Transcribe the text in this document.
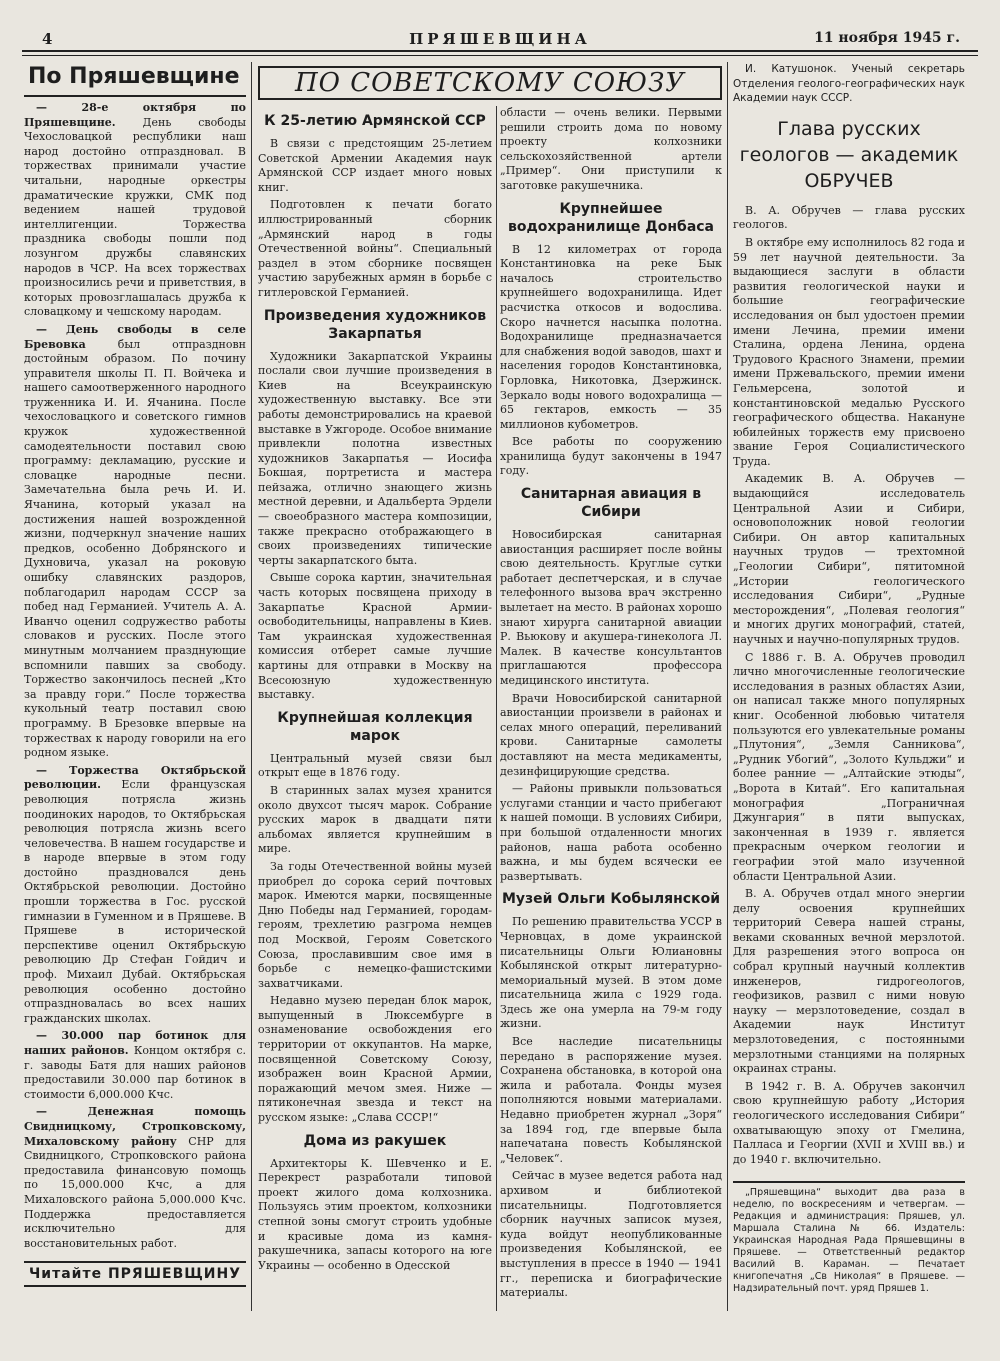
4	ПРЯШЕВЩИНА	11 ноября 1945 г.
По Пряшевщине

— 28-е октября по Пряшевщине. День свободы Чехословацкой республики наш народ достойно отпраздновал. В торжествах принимали участие читальни, народные оркестры драматические кружки, СМК под ведением нашей трудовой интеллигенции. Торжества праздника свободы пошли под лозунгом дружбы славянских народов в ЧСР. На всех торжествах произносились речи и приветствия, в которых провозглашалась дружба к словацкому и чешскому народам.

— День свободы в селе Бревовка	был отпраздновн достойным образом. По почину управителя школы П. П. Войчека и нашего самоотверженного народного труженника И. И. Ячанина. После чехословацкого и советского гимнов кружок художественной самодеятельности поставил свою программу: декламацию, русские и словацке народные песни. Замечательна была речь И. И. Ячанина, который указал на достижения нашей возрожденной жизни, подчеркнул значение наших предков, особенно Добрянского и Духновича, указал на роковую ошибку славянских раздоров, поблагодарил народам СССР за побед над Германией. Учитель А. А. Иванчо оценил содружество работы словаков и русских. После этого минутным молчанием празднующие вспомнили павших за свободу. Торжество закончилось песней „Кто за правду гори.“ После торжества кукольный театр поставил свою программу. В Брезовке впервые на торжествах к народу говорили на его родном языке.

— Торжества Октябрьской революции. Если французская революция потрясла жизнь поодиноких народов, то Октябрьская революция потрясла жизнь всего человечества. В нашем государстве и в народе впервые в этом году достойно праздновался день Октябрьской революции. Достойно прошли торжества в Гос. русской гимназии в Гуменном и в Пряшеве. В Пряшеве в исторической перспективе оценил Октябрьскую революцию Др Стефан Гойдич и проф. Михаил Дубай. Октябрьская революция особенно достойно отпраздновалась во всех наших гражданских школах.

— 30.000 пар ботинок для наших районов. Концом октября с. г. заводы Батя для наших районов предоставили 30.000 пар ботинок в стоимости 6,000.000 Кчс.

— Денежная помощь Свидницкому, Стропковскому, Михаловскому району СНР для Свидницкого, Стропковского района предоставила финансовую помощь по 15,000.000 Кчс, а для Михаловского района 5,000.000 Кчс. Поддержка предоставляется исключительно для восстановительных работ.

Читайте ПРЯШЕВЩИНУ
ПО СОВЕТСКОМУ СОЮЗУ
К 25-летию Армянской ССР

В связи с предстоящим 25-летием Советской Армении Академия наук Армянской ССР издает много новых книг.

Подготовлен к печати богато иллюстрированный сборник „Армянский народ в годы Отечественной войны“. Специальный раздел в этом сборнике посвящен участию зарубежных армян в борьбе с гитлеровской Германией.

Произведения художников Закарпатья

Художники Закарпатской Украины послали свои лучшие произведения в Киев на Всеукраинскую художественную выставку. Все эти работы демонстрировались на краевой выставке в Ужгороде. Особое внимание привлекли полотна известных художников Закарпатья — Иосифа Бокшая, портретиста и мастера пейзажа, отлично знающего жизнь местной деревни, и Адальберта Эрдели — своеобразного мастера композиции, также прекрасно отображающего в своих произведениях типические черты закарпатского быта.

Свыше сорока картин, значительная часть которых посвящена приходу в Закарпатье Красной Армии-освободительницы, направлены в Киев. Там украинская художественная комиссия отберет самые лучшие картины для отправки в Москву на Всесоюзную художественную выставку.

Крупнейшая коллекция марок

Центральный музей связи был открыт еще в 1876 году.

В старинных залах музея хранится около двухсот тысяч марок. Собрание русских марок в двадцати пяти альбомах является крупнейшим в мире.

За годы Отечественной войны музей приобрел до сорока серий почтовых марок. Имеются марки, посвященные Дню Победы над Германией, городам-героям, трехлетию разгрома немцев под Москвой, Героям Советского Союза, прославившим свое имя в борьбе с немецко-фашистскими захватчиками.

Недавно музею передан блок марок, выпущенный в Люксембурге в ознаменование освобождения его территории от оккупантов. На марке, посвященной Советскому Союзу, изображен воин Красной Армии, поражающий мечом змея. Ниже — пятиконечная звезда и текст на русском языке: „Слава СССР!“

Дома из ракушек

Архитекторы К. Шевченко и Е. Перекрест разработали типовой проект жилого дома колхозника. Пользуясь этим проектом, колхозники степной зоны смогут строить удобные и красивые дома из камня-ракушечника, запасы которого на юге Украины — особенно в Одесской

области — очень велики. Первыми решили строить дома по новому проекту колхозники сельскохозяйственной артели „Пример“. Они приступили к заготовке ракушечника.

Крупнейшее водохранилище Донбаса

В 12 километрах от города Константиновка на реке Бык началось строительство крупнейшего водохранилища. Идет расчистка откосов и водослива. Скоро начнется насыпка полотна. Водохранилище предназначается для снабжения водой заводов, шахт и населения городов Константиновка, Горловка, Никотовка, Дзержинск. Зеркало воды нового водохралища — 65 гектаров, емкость — 35 миллионов кубометров.

Все работы по сооружению хранилища будут закончены в 1947 году.

Санитарная авиация в Сибири

Новосибирская санитарная авиостанция расширяет после войны свою деятельность. Круглые сутки работает деспетчерская, и в случае телефонного вызова врач экстренно вылетает на место. В районах хорошо знают хирурга санитарной авиации Р. Вьюкову и акушера-гинеколога Л. Малек. В качестве консультантов приглашаются профессора медицинского института.

Врачи Новосибирской санитарной авиостанции произвели в районах и селах много операций, переливаний крови. Санитарные самолеты доставляют на места медикаменты, дезинфицирующие средства.

— Районы привыкли пользоваться услугами станции и часто прибегают к нашей помощи. В условиях Сибири, при большой отдаленности многих районов, наша работа особенно важна, и мы будем всячески ее развертывать.

Музей Ольги Кобылянской

По решению правительства УССР в Черновцах, в доме украинской писательницы Ольги Юлиановны Кобылянской открыт литературно-мемориальный музей. В этом доме писательница жила с 1929 года. Здесь же она умерла на 79-м году жизни.

Все наследие писательницы передано в распоряжение музея. Сохранена обстановка, в которой она жила и работала. Фонды музея пополняются новыми материалами. Недавно приобретен журнал „Зоря“ за 1894 год, где впервые была напечатана повесть Кобылянской „Человек“.

Сейчас в музее ведется работа над архивом и библиотекой писательницы. Подготовляется сборник научных записок музея, куда войдут неопубликованные произведения Кобылянской, ее выступления в прессе в 1940 — 1941 гг., переписка и биографические материалы.

И. Катушонок. Ученый секретарь Отделения геолого-географических наук Академии наук СССР.

Глава русских геологов — академик ОБРУЧЕВ

В. А. Обручев — глава русских геологов.

В октябре ему исполнилось 82 года и 59 лет научной деятельности. За выдающиеся заслуги в области развития геологической науки и большие географические исследования он был удостоен премии имени Лечина, премии имени Сталина, ордена Ленина, ордена Трудового Красного Знамени, премии имени Пржевальского, премии имени Гельмерсена, золотой и константиновской медалью Русского географического общества. Накануне юбилейных торжеств ему присвоено звание Героя Социалистического Труда.

Академик В. А. Обручев — выдающийся исследователь Центральной Азии и Сибири, основоположник новой геологии Сибири. Он автор капитальных научных трудов — трехтомной „Геологии Сибири“, пятитомной „Истории геологического исследования Сибири“, „Рудные месторождения“, „Полевая геология“ и многих других монографий, статей, научных и научно-популярных трудов.

С 1886 г. В. А. Обручев проводил лично многочисленные геологические исследования в разных областях Азии, он написал также много популярных книг. Особенной любовью читателя пользуются его увлекательные романы „Плутония“, „Земля Санникова“, „Рудник Убогий“, „Золото Кульджи“ и более ранние — „Алтайские этюды“, „Ворота в Китай“. Его капитальная монография „Пограничная Джунгария“ в пяти выпусках, законченная в 1939 г. является прекрасным очерком геологии и географии этой мало изученной области Центральной Азии.

В. А. Обручев отдал много энергии делу освоения крупнейших территорий Севера нашей страны, веками скованных вечной мерзлотой. Для разрешения этого вопроса он собрал крупный научный коллектив инженеров, гидрогеологов, геофизиков, развил с ними новую науку — мерзлотоведение, создал в Академии наук Институт мерзлотоведения, с постоянными мерзлотными станциями на полярных окраинах страны.

В 1942 г. В. А. Обручев закончил свою крупнейшую работу „История геологического исследования Сибири“ охватывающую эпоху от Гмелина, Палласа и Георгии (XVII и XVIII вв.) и до 1940 г. включительно.

„Пряшевщина“ выходит два раза в неделю, по воскресениям и четвергам. — Редакция и администрация: Пряшев, ул. Маршала Сталина № 66. Издатель: Украинская Народная Рада Пряшевщины в Пряшеве. — Ответственный редактор Василий В. Караман. — Печатает книгопечатня „Св Николая“ в Пряшеве. — Надзирательный почт. уряд Пряшев 1.
